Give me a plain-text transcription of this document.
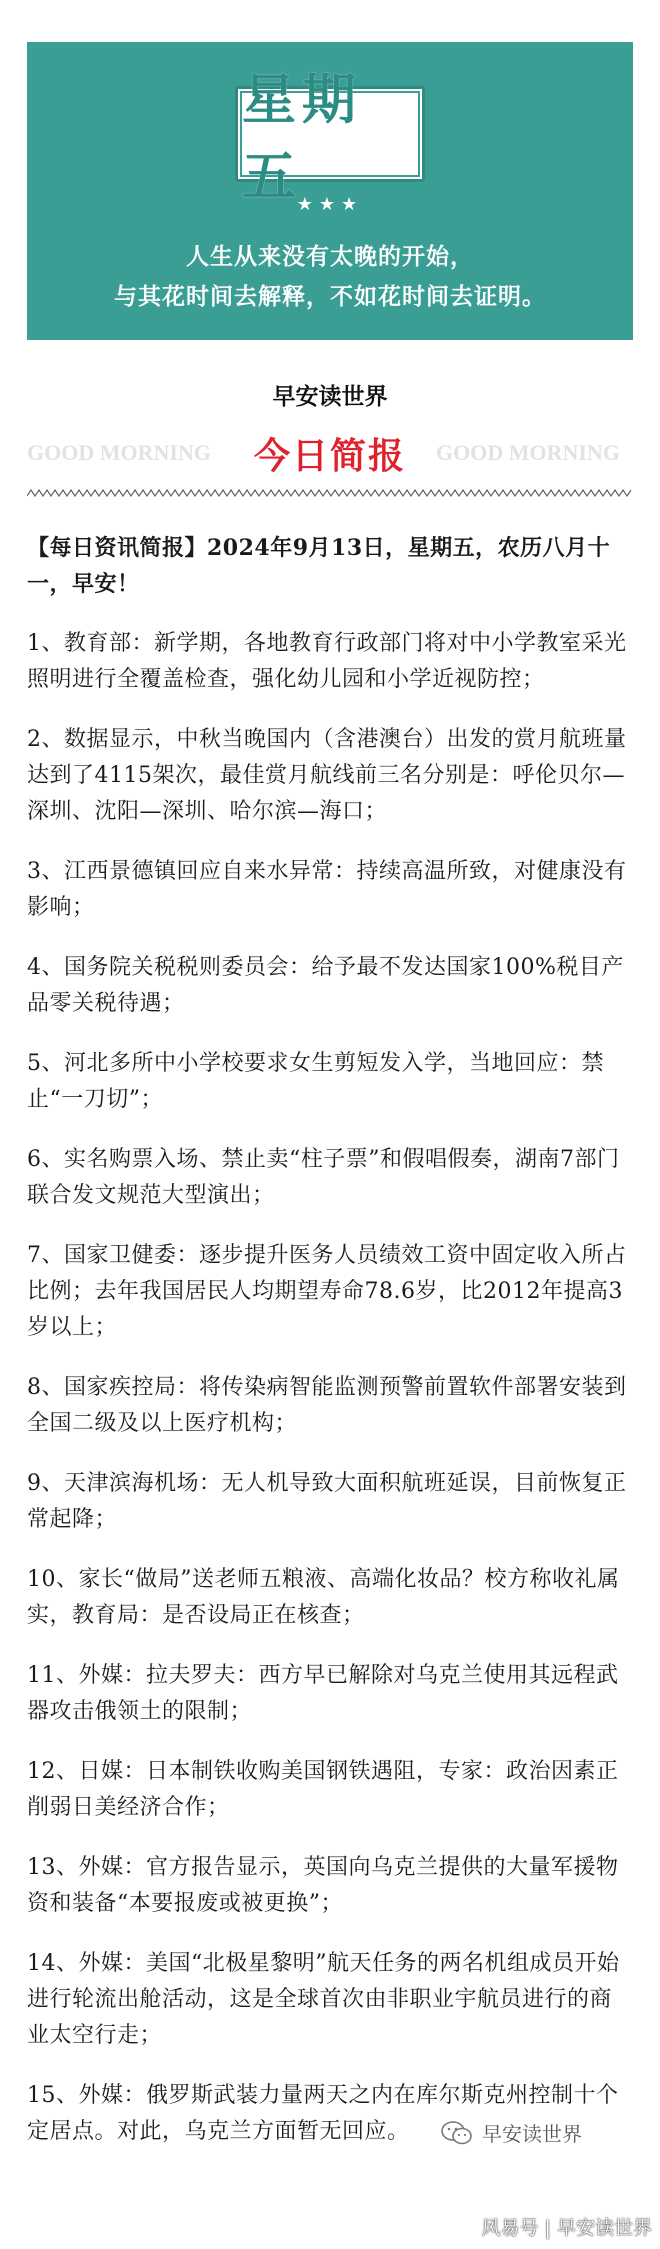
星期五
★★★
人生从来没有太晚的开始，
与其花时间去解释，不如花时间去证明。
早安读世界
GOOD MORNING	今日简报	GOOD MORNING

【每日资讯简报】2024年9月13日，星期五，农历八月十一，早安！

1、教育部：新学期，各地教育行政部门将对中小学教室采光照明进行全覆盖检查，强化幼儿园和小学近视防控；

2、数据显示，中秋当晚国内（含港澳台）出发的赏月航班量达到了4115架次，最佳赏月航线前三名分别是：呼伦贝尔—深圳、沈阳—深圳、哈尔滨—海口；

3、江西景德镇回应自来水异常：持续高温所致，对健康没有影响；

4、国务院关税税则委员会：给予最不发达国家100%税目产品零关税待遇；

5、河北多所中小学校要求女生剪短发入学，当地回应：禁止“一刀切”；

6、实名购票入场、禁止卖“柱子票”和假唱假奏，湖南7部门联合发文规范大型演出；

7、国家卫健委：逐步提升医务人员绩效工资中固定收入所占比例；去年我国居民人均期望寿命78.6岁，比2012年提高3岁以上；

8、国家疾控局：将传染病智能监测预警前置软件部署安装到全国二级及以上医疗机构；

9、天津滨海机场：无人机导致大面积航班延误，目前恢复正常起降；

10、家长“做局”送老师五粮液、高端化妆品？校方称收礼属实，教育局：是否设局正在核查；

11、外媒：拉夫罗夫：西方早已解除对乌克兰使用其远程武器攻击俄领土的限制；

12、日媒：日本制铁收购美国钢铁遇阻，专家：政治因素正削弱日美经济合作；

13、外媒：官方报告显示，英国向乌克兰提供的大量军援物资和装备“本要报废或被更换”；

14、外媒：美国“北极星黎明”航天任务的两名机组成员开始进行轮流出舱活动，这是全球首次由非职业宇航员进行的商业太空行走；

15、外媒：俄罗斯武装力量两天之内在库尔斯克州控制十个定居点。对此，乌克兰方面暂无回应。	早安读世界
风易号 | 早安读世界
